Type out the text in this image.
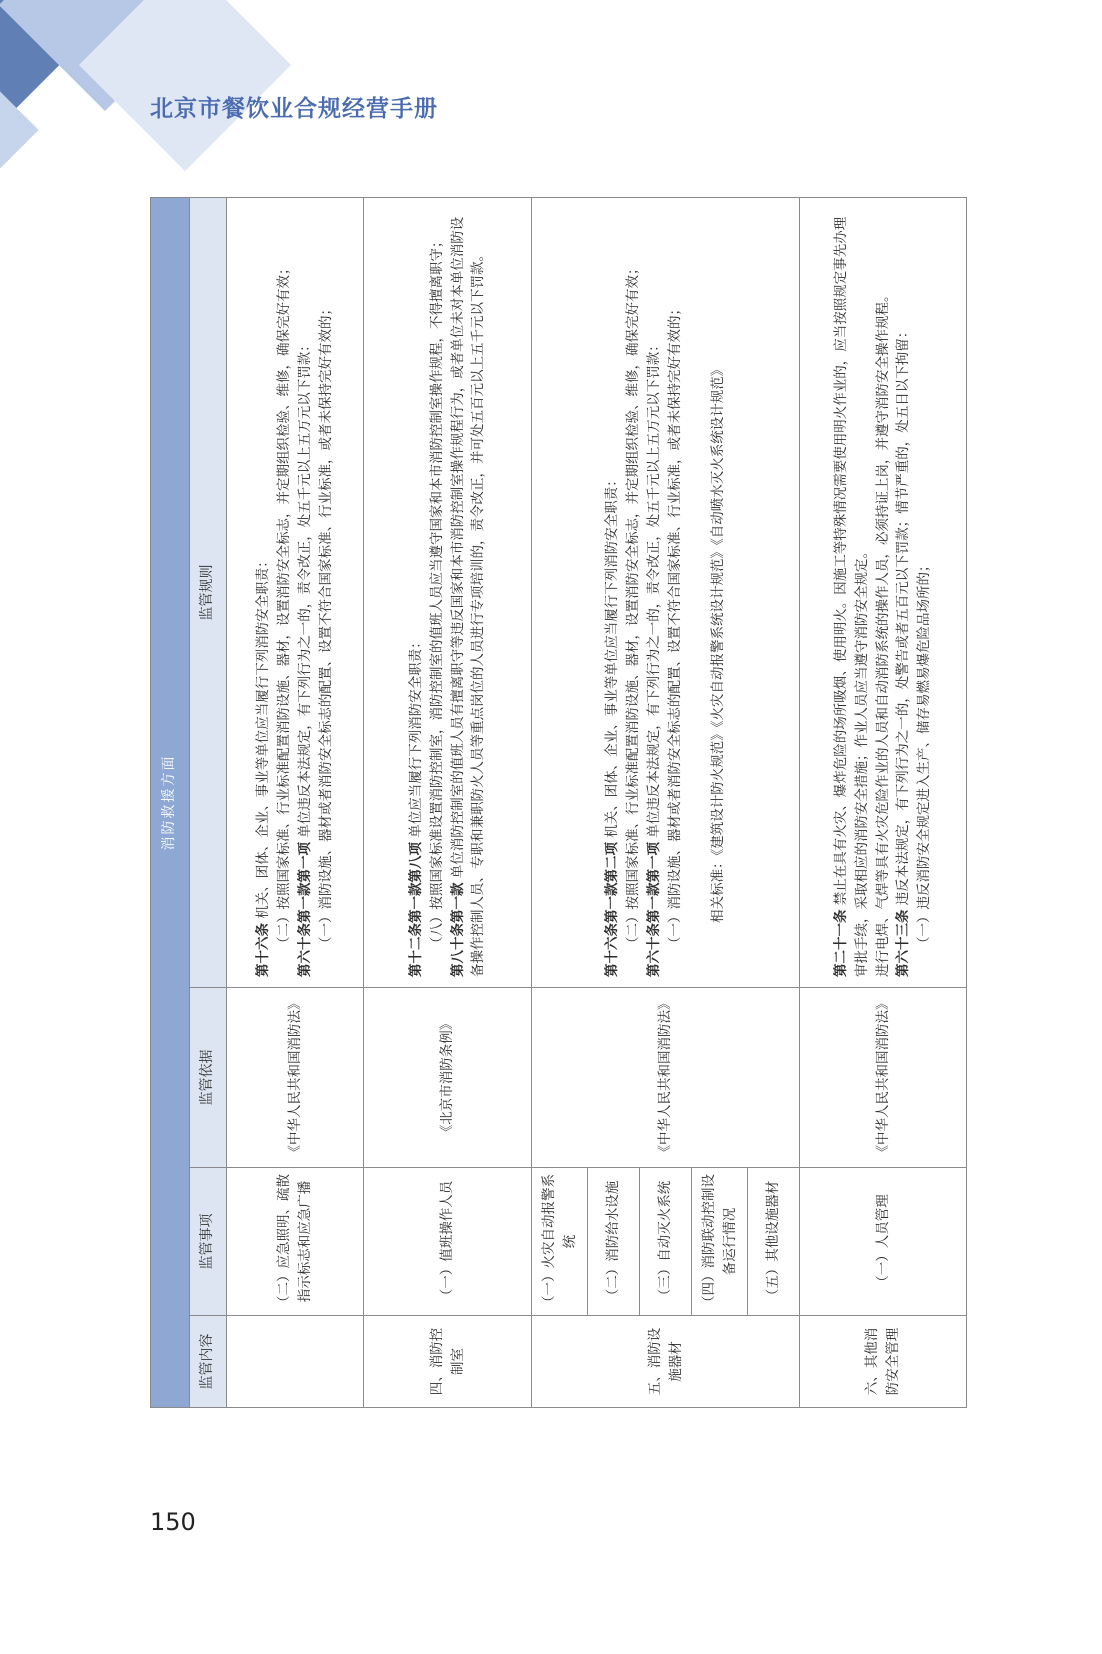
北京市餐饮业合规经营手册
消防救援方面			
监管内容	监管事项	监管依据	监管规则
	（二）应急照明、疏散指示标志和应急广播	《中华人民共和国消防法》	第十六条 机关、团体、企业、事业等单位应当履行下列消防安全职责： （二）按照国家标准、行业标准配置消防设施、器材，设置消防安全标志，并定期组织检验、维修，确保完好有效； 第六十条第一款第一项 单位违反本法规定，有下列行为之一的，责令改正，处五千元以上五万元以下罚款： （一）消防设施、器材或者消防安全标志的配置、设置不符合国家标准、行业标准，或者未保持完好有效的；

四、消防控制室	（一）值班操作人员	《北京市消防条例》	第十二条第一款第八项 单位应当履行下列消防安全职责： （八）按照国家标准设置消防控制室，消防控制室的值班人员应当遵守国家和本市消防控制室操作规程，不得擅离职守； 第八十条第一款 单位消防控制室的值班人员有擅离职守等违反国家和本市消防控制室操作规程行为，或者单位未对本单位消防设备操作控制人员、专职和兼职防火人员等重点岗位的人员进行专项培训的，责令改正，并可处五百元以上五千元以下罚款。

五、消防设施器材	（一）火灾自动报警系统	《中华人民共和国消防法》	第十六条第一款第二项 机关、团体、企业、事业等单位应当履行下列消防安全职责： （二）按照国家标准、行业标准配置消防设施、器材，设置消防安全标志，并定期组织检验、维修，确保完好有效； 第六十条第一款第一项 单位违反本法规定，有下列行为之一的，责令改正，处五千元以上五万元以下罚款： （一）消防设施、器材或者消防安全标志的配置、设置不符合国家标准、行业标准，或者未保持完好有效的； 相关标准：《建筑设计防火规范》《火灾自动报警系统设计规范》《自动喷水灭火系统设计规范》

	（二）消防给水设施		
	（三）自动灭火系统		
	（四）消防联动控制设备运行情况		
	（五）其他设施器材		
六、其他消防安全管理	（一）人员管理	《中华人民共和国消防法》	第二十一条 禁止在具有火灾、爆炸危险的场所吸烟、使用明火。因施工等特殊情况需要使用明火作业的，应当按照规定事先办理审批手续，采取相应的消防安全措施；作业人员应当遵守消防安全规定。 进行电焊、气焊等具有火灾危险作业的人员和自动消防系统的操作人员，必须持证上岗，并遵守消防安全操作规程。 第六十三条 违反本法规定，有下列行为之一的，处警告或者五百元以下罚款；情节严重的，处五日以下拘留： （一）违反消防安全规定进入生产、储存易燃易爆危险品场所的；

150
